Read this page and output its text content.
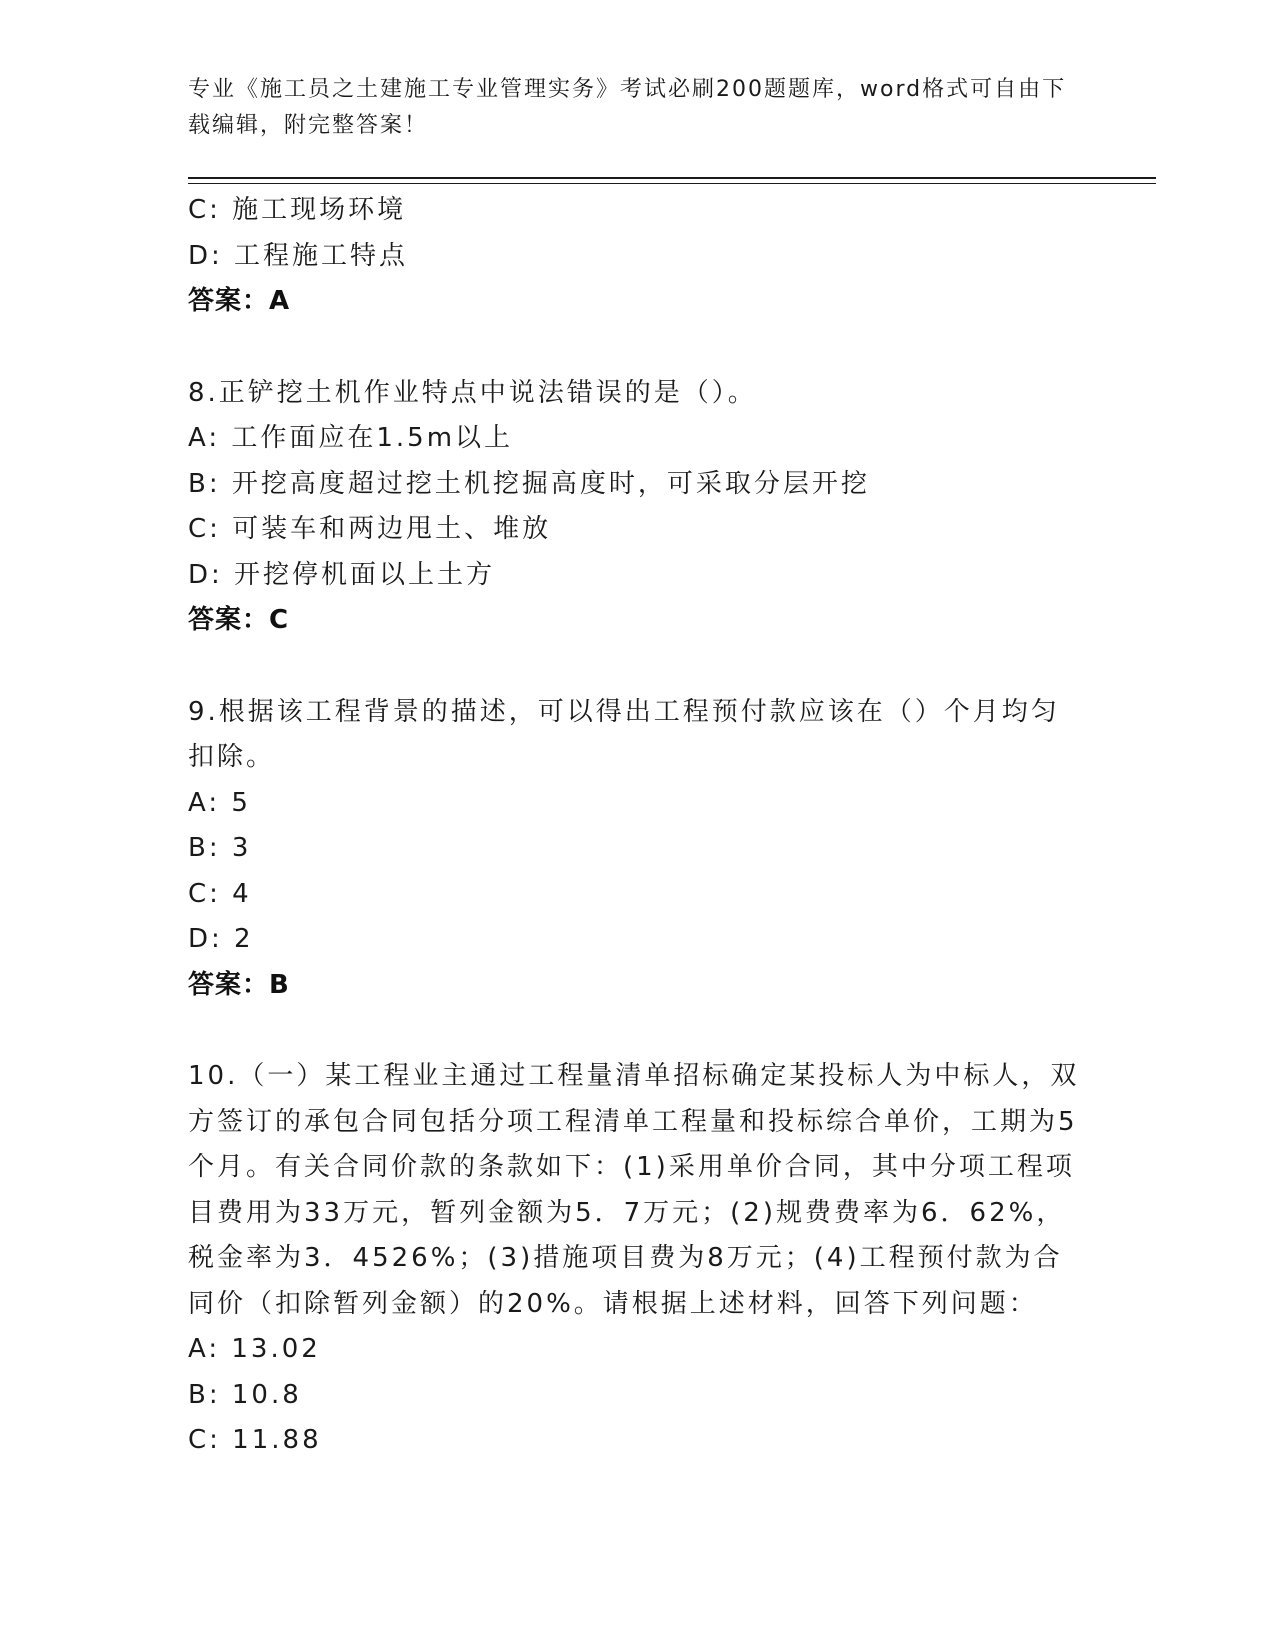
专业《施工员之土建施工专业管理实务》考试必刷200题题库，word格式可自由下载编辑，附完整答案！
C: 施工现场环境
D: 工程施工特点
答案：A
8.正铲挖土机作业特点中说法错误的是（）。
A: 工作面应在1.5m以上
B: 开挖高度超过挖土机挖掘高度时，可采取分层开挖
C: 可装车和两边甩土、堆放
D: 开挖停机面以上土方
答案：C
9.根据该工程背景的描述，可以得出工程预付款应该在（）个月均匀扣除。
A: 5
B: 3
C: 4
D: 2
答案：B
10.（一）某工程业主通过工程量清单招标确定某投标人为中标人，双方签订的承包合同包括分项工程清单工程量和投标综合单价，工期为5个月。有关合同价款的条款如下：(1)采用单价合同，其中分项工程项目费用为33万元，暂列金额为5．7万元；(2)规费费率为6．62%，税金率为3．4526%；(3)措施项目费为8万元；(4)工程预付款为合同价（扣除暂列金额）的20%。请根据上述材料，回答下列问题：
A: 13.02
B: 10.8
C: 11.88
